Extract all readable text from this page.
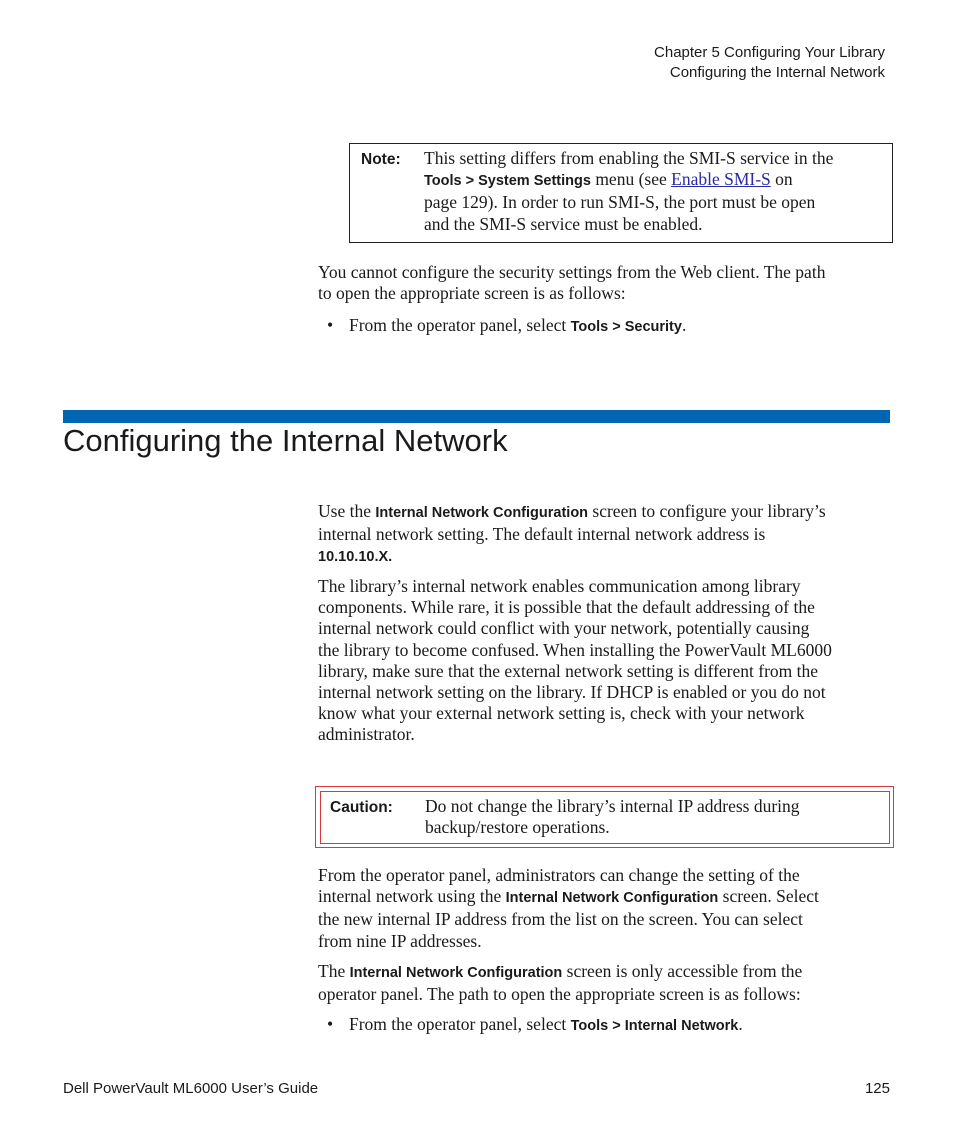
Chapter 5 Configuring Your Library
Configuring the Internal Network
Note: This setting differs from enabling the SMI-S service in the
Tools > System Settings menu (see Enable SMI-S on
page 129). In order to run SMI-S, the port must be open
and the SMI-S service must be enabled.
You cannot configure the security settings from the Web client. The path
to open the appropriate screen is as follows:
• From the operator panel, select Tools > Security.
Configuring the Internal Network
Use the Internal Network Configuration screen to configure your library’s
internal network setting. The default internal network address is
10.10.10.X.
The library’s internal network enables communication among library
components. While rare, it is possible that the default addressing of the
internal network could conflict with your network, potentially causing
the library to become confused. When installing the PowerVault ML6000
library, make sure that the external network setting is different from the
internal network setting on the library. If DHCP is enabled or you do not
know what your external network setting is, check with your network
administrator.
Caution: Do not change the library’s internal IP address during
backup/restore operations.
From the operator panel, administrators can change the setting of the
internal network using the Internal Network Configuration screen. Select
the new internal IP address from the list on the screen. You can select
from nine IP addresses.
The Internal Network Configuration screen is only accessible from the
operator panel. The path to open the appropriate screen is as follows:
• From the operator panel, select Tools > Internal Network.
Dell PowerVault ML6000 User’s Guide	125
